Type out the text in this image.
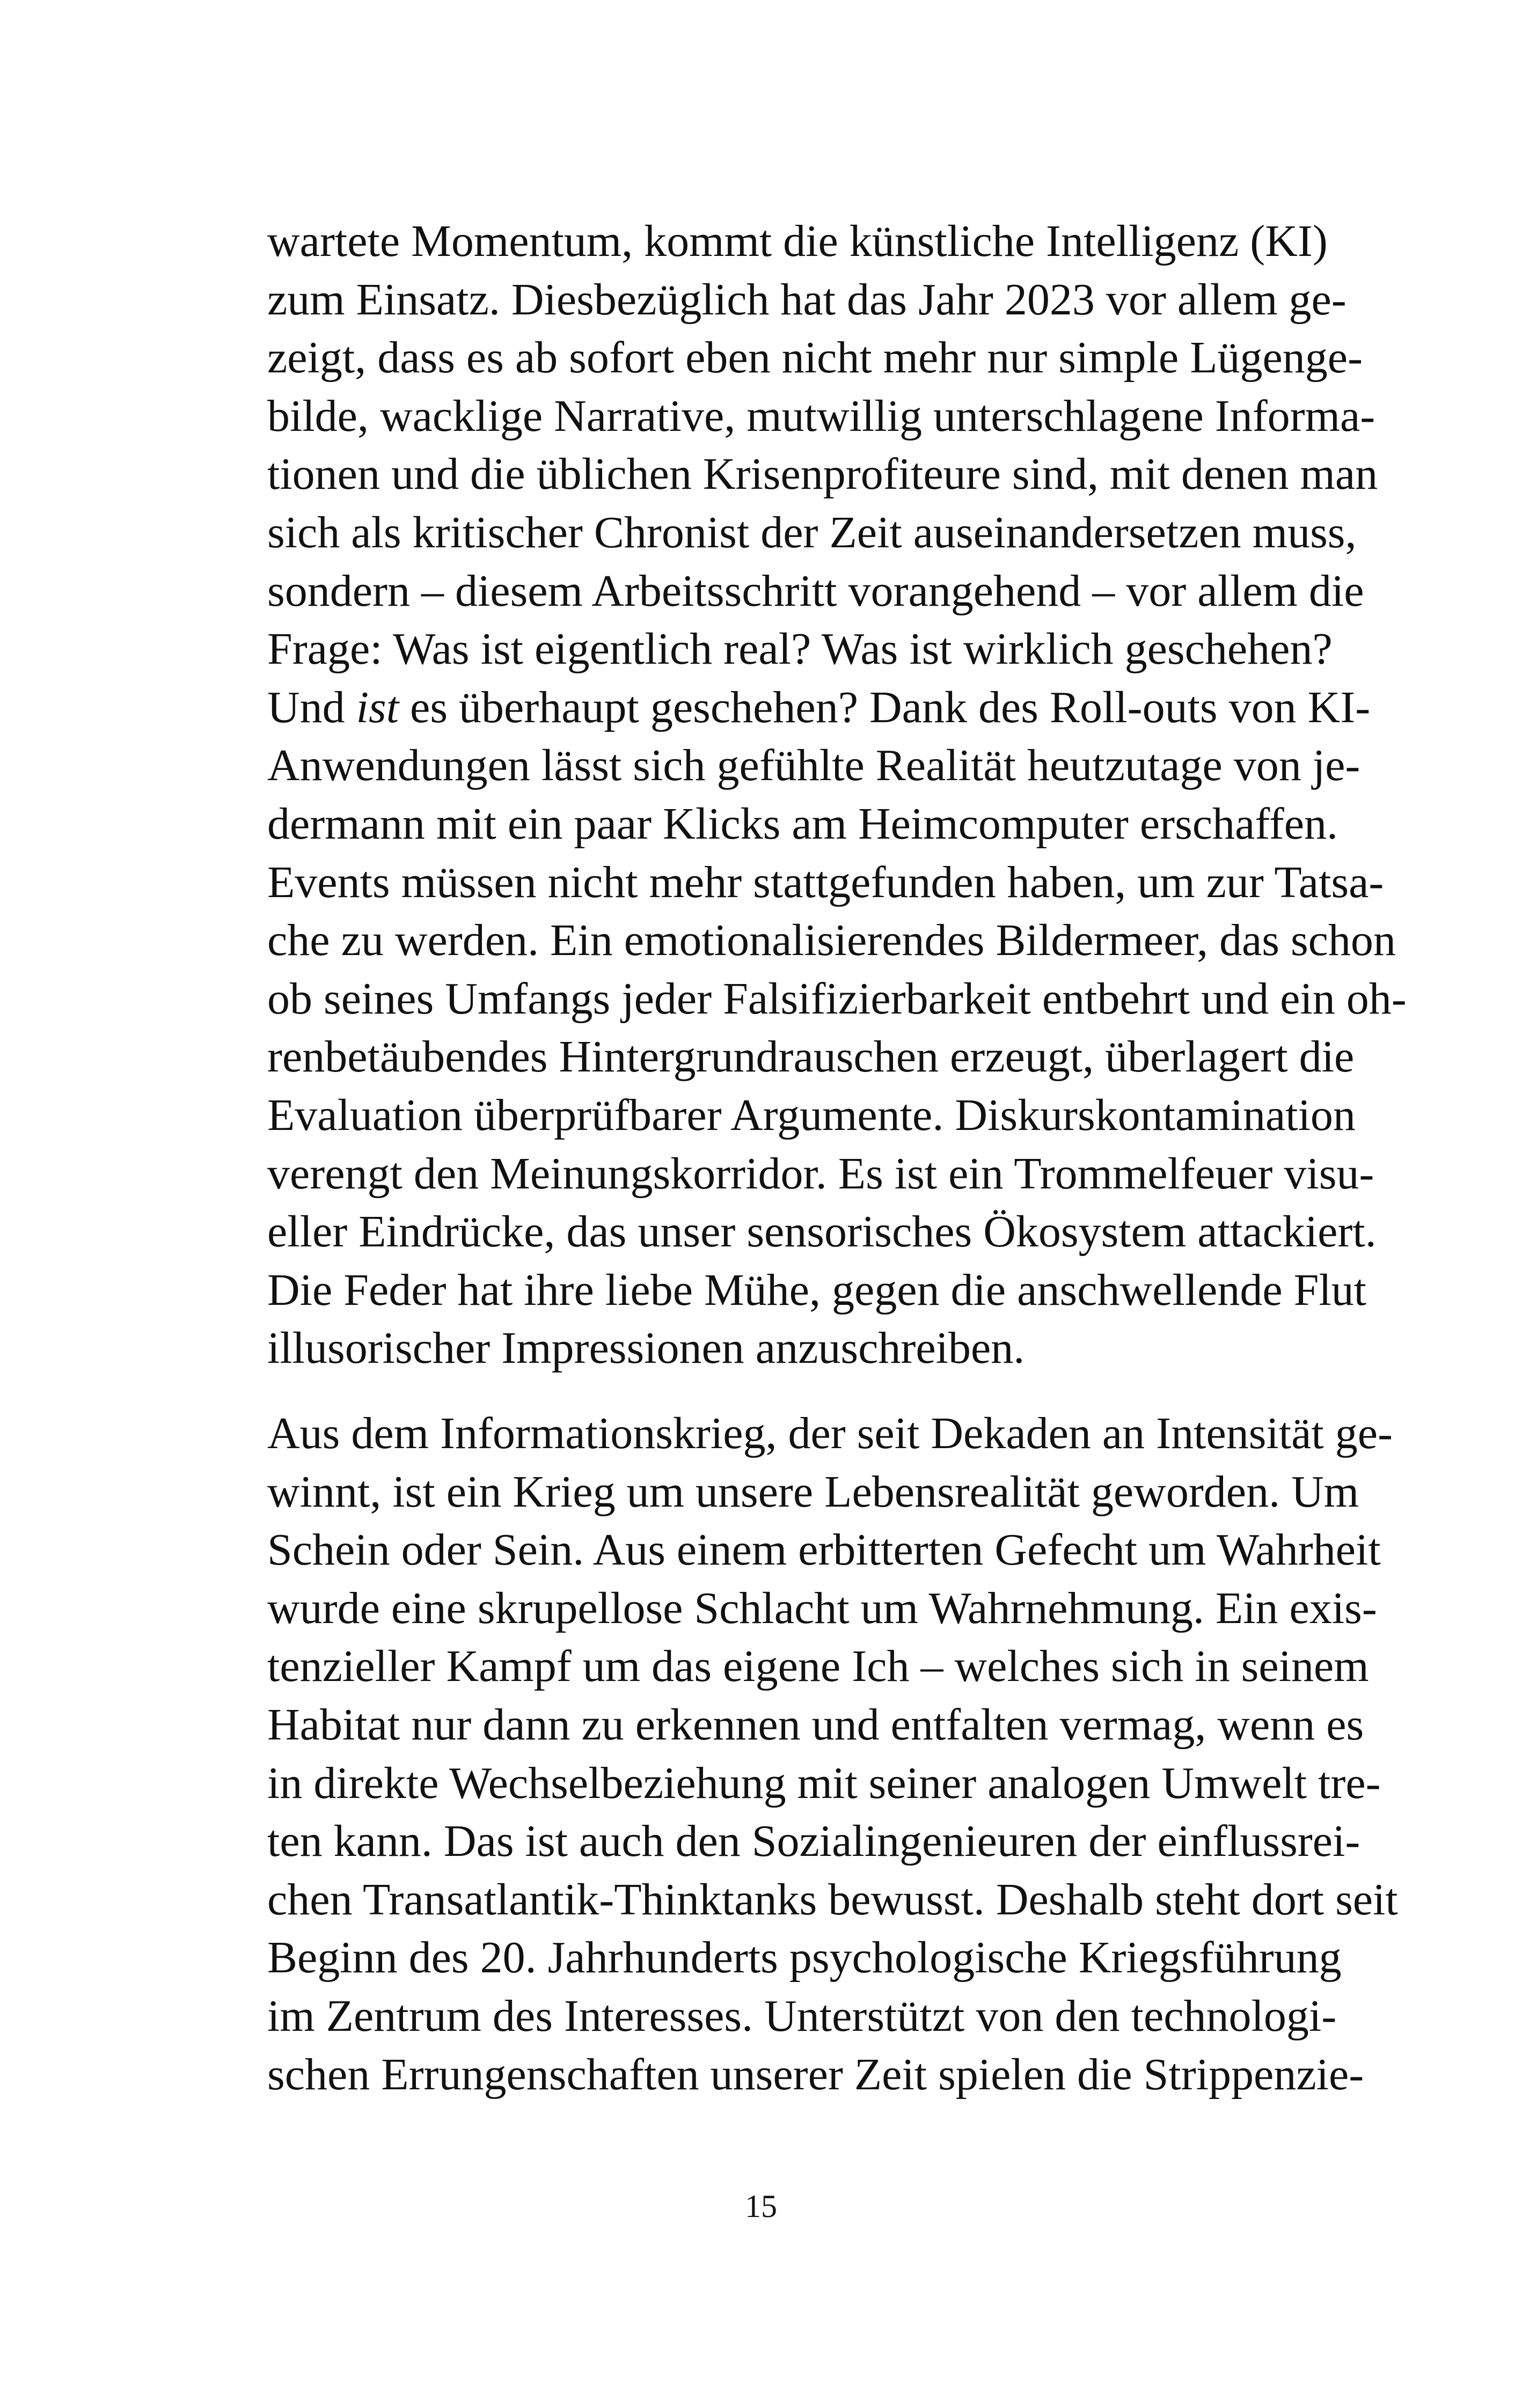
wartete Momentum, kommt die künstliche Intelligenz (KI)
zum Einsatz. Diesbezüglich hat das Jahr 2023 vor allem ge-
zeigt, dass es ab sofort eben nicht mehr nur simple Lügenge-
bilde, wacklige Narrative, mutwillig unterschlagene Informa-
tionen und die üblichen Krisenprofiteure sind, mit denen man
sich als kritischer Chronist der Zeit auseinandersetzen muss,
sondern – diesem Arbeitsschritt vorangehend – vor allem die
Frage: Was ist eigentlich real? Was ist wirklich geschehen?
Und ist es überhaupt geschehen? Dank des Roll-outs von KI-
Anwendungen lässt sich gefühlte Realität heutzutage von je-
dermann mit ein paar Klicks am Heimcomputer erschaffen.
Events müssen nicht mehr stattgefunden haben, um zur Tatsa-
che zu werden. Ein emotionalisierendes Bildermeer, das schon
ob seines Umfangs jeder Falsifizierbarkeit entbehrt und ein oh-
renbetäubendes Hintergrundrauschen erzeugt, überlagert die
Evaluation überprüfbarer Argumente. Diskurskontamination
verengt den Meinungskorridor. Es ist ein Trommelfeuer visu-
eller Eindrücke, das unser sensorisches Ökosystem attackiert.
Die Feder hat ihre liebe Mühe, gegen die anschwellende Flut
illusorischer Impressionen anzuschreiben.
Aus dem Informationskrieg, der seit Dekaden an Intensität ge-
winnt, ist ein Krieg um unsere Lebensrealität geworden. Um
Schein oder Sein. Aus einem erbitterten Gefecht um Wahrheit
wurde eine skrupellose Schlacht um Wahrnehmung. Ein exis-
tenzieller Kampf um das eigene Ich – welches sich in seinem
Habitat nur dann zu erkennen und entfalten vermag, wenn es
in direkte Wechselbeziehung mit seiner analogen Umwelt tre-
ten kann. Das ist auch den Sozialingenieuren der einflussrei-
chen Transatlantik-Thinktanks bewusst. Deshalb steht dort seit
Beginn des 20. Jahrhunderts psychologische Kriegsführung
im Zentrum des Interesses. Unterstützt von den technologi-
schen Errungenschaften unserer Zeit spielen die Strippenzie-
15
